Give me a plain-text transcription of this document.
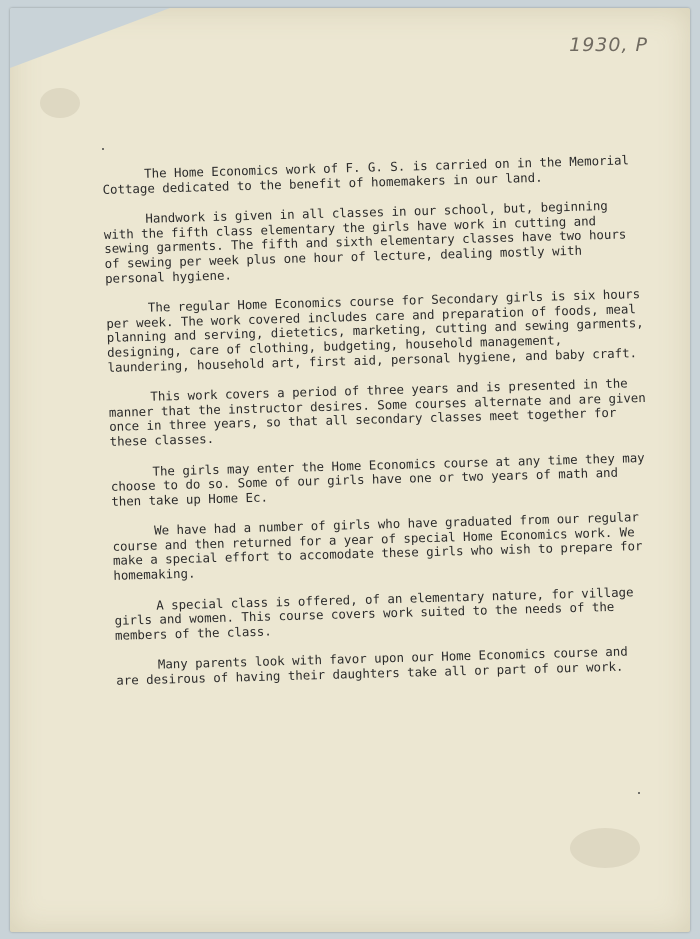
1930, P

The Home Economics work of F. G. S. is carried on in the Memorial Cottage dedicated to the benefit of homemakers in our land.

Handwork is given in all classes in our school, but, beginning with the fifth class elementary the girls have work in cutting and sewing garments. The fifth and sixth elementary classes have two hours of sewing per week plus one hour of lecture, dealing mostly with personal hygiene.

The regular Home Economics course for Secondary girls is six hours per week. The work covered includes care and preparation of foods, meal planning and serving, dietetics, marketing, cutting and sewing garments, designing, care of clothing, budgeting, household management, laundering, household art, first aid, personal hygiene, and baby craft.

This work covers a period of three years and is presented in the manner that the instructor desires. Some courses alternate and are given once in three years, so that all secondary classes meet together for these classes.

The girls may enter the Home Economics course at any time they may choose to do so. Some of our girls have one or two years of math and then take up Home Ec.

We have had a number of girls who have graduated from our regular course and then returned for a year of special Home Economics work. We make a special effort to accomodate these girls who wish to prepare for homemaking.

A special class is offered, of an elementary nature, for village girls and women. This course covers work suited to the needs of the members of the class.

Many parents look with favor upon our Home Economics course and are desirous of having their daughters take all or part of our work.
